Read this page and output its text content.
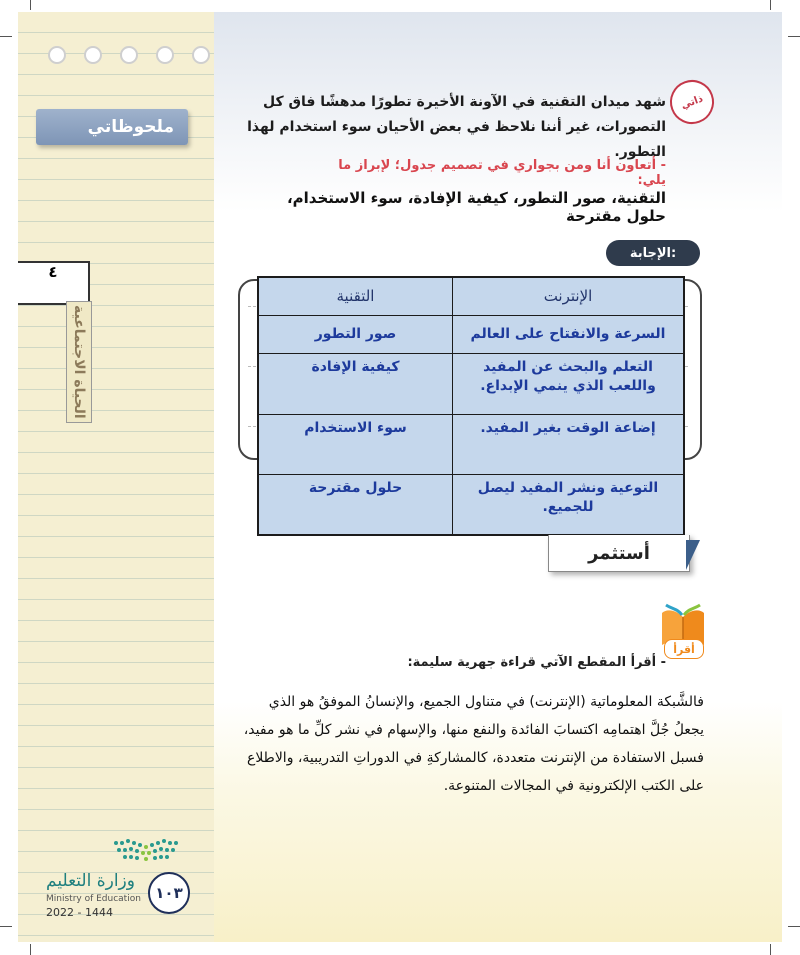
ملحوظاتي
٤
الحياة الاجتماعية
وزارة التعليم
Ministry of Education
2022 - 1444
١٠٣
ذاتي
شهد ميدان التقنية في الآونة الأخيرة تطورًا مدهشًا فاق كل التصورات، غير أننا نلاحظ في بعض الأحيان سوء استخدام لهذا التطور.
- أتعاون أنا ومن بجواري في تصميم جدول؛ لإبراز ما يلي:
التقنية، صور التطور، كيفية الإفادة، سوء الاستخدام، حلول مقترحة
الإجابة:
الإنترنت	التقنية
السرعة والانفتاح على العالم	صور التطور
التعلم والبحث عن المفيد واللعب الذي ينمي الإبداع.	كيفية الإفادة
إضاعة الوقت بغير المفيد.	سوء الاستخدام
التوعية ونشر المفيد ليصل للجميع.	حلول مقترحة
أستثمر
أقرأ
- أقرأ المقطع الآتي قراءة جهرية سليمة:
فالشَّبكة المعلوماتية (الإنترنت) في متناول الجميع، والإنسانُ الموفقُ هو الذي يجعلُ جُلَّ اهتمامِه اكتسابَ الفائدة والنفع منها، والإسهام في نشر كلِّ ما هو مفيد، فسبل الاستفادة من الإنترنت متعددة، كالمشاركةِ في الدوراتِ التدريبية، والاطلاع على الكتب الإلكترونية في المجالات المتنوعة.
